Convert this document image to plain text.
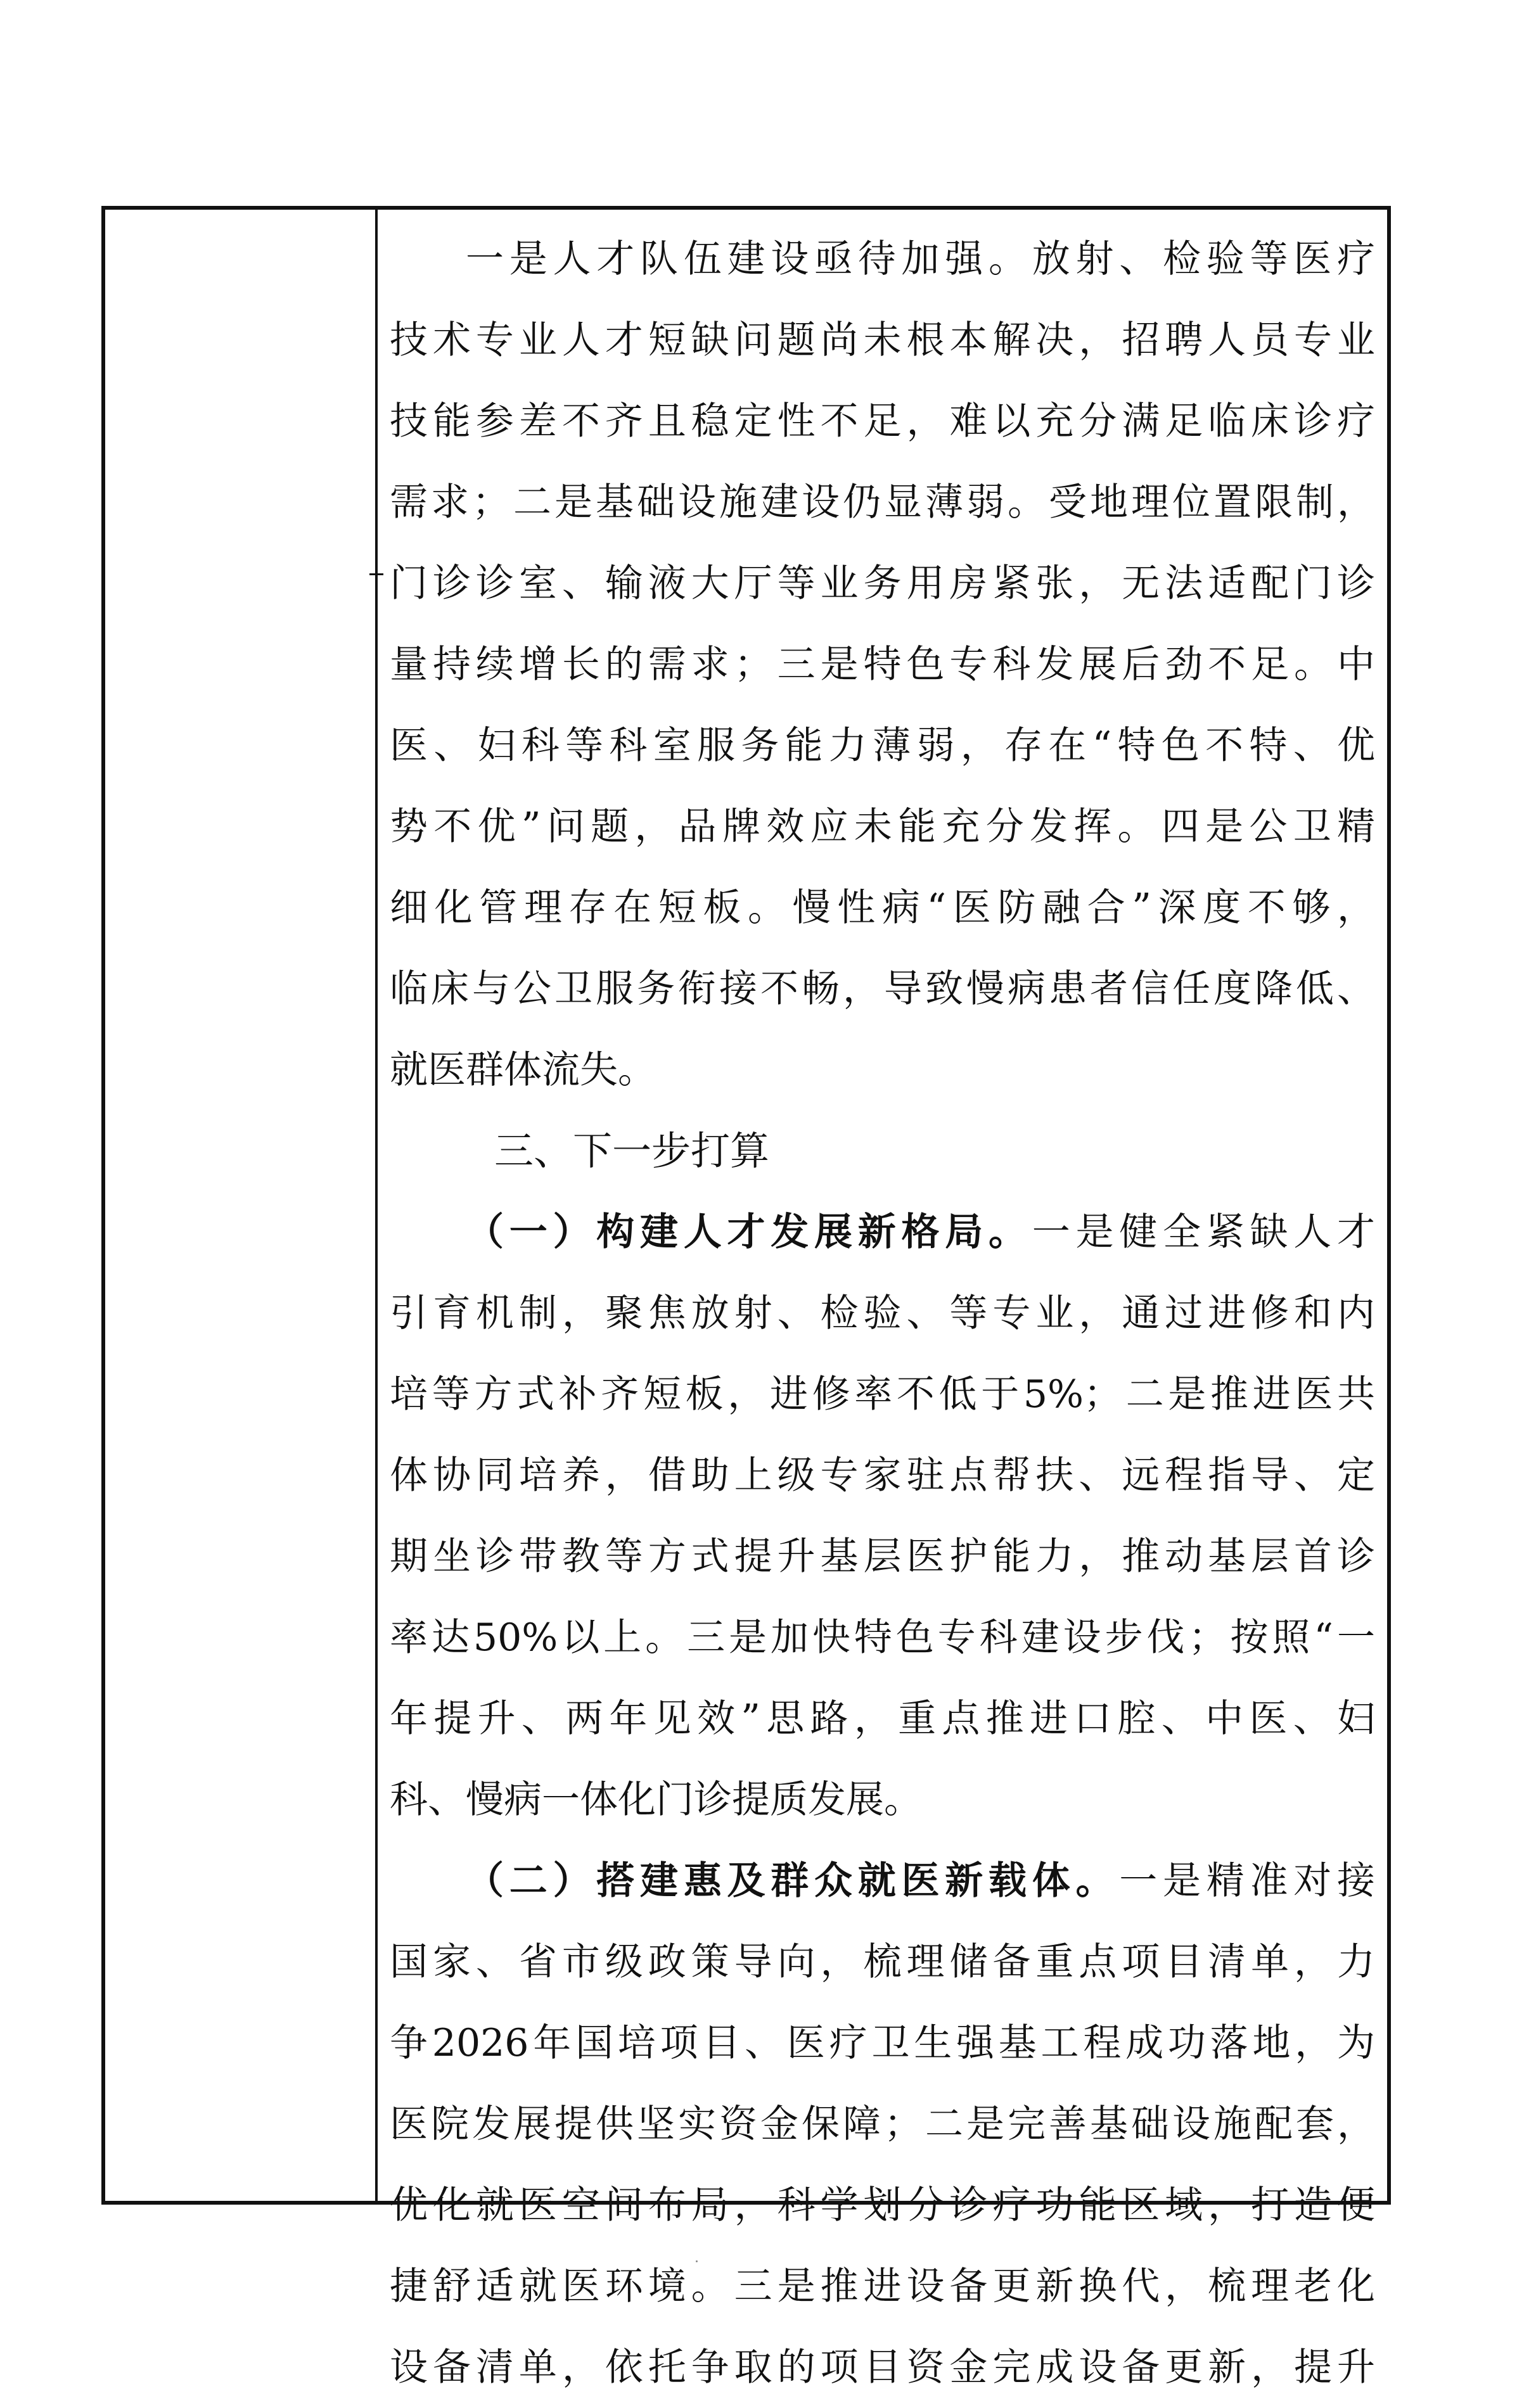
一是人才队伍建设亟待加强。放射、检验等医疗
技术专业人才短缺问题尚未根本解决，招聘人员专业
技能参差不齐且稳定性不足，难以充分满足临床诊疗
需求；二是基础设施建设仍显薄弱。受地理位置限制，
门诊诊室、输液大厅等业务用房紧张，无法适配门诊
量持续增长的需求；三是特色专科发展后劲不足。中
医、妇科等科室服务能力薄弱，存在“特色不特、优
势不优”问题，品牌效应未能充分发挥。四是公卫精
细化管理存在短板。慢性病“医防融合”深度不够，
临床与公卫服务衔接不畅，导致慢病患者信任度降低、
就医群体流失。
三、下一步打算
（一）构建人才发展新格局。一是健全紧缺人才
引育机制，聚焦放射、检验、等专业，通过进修和内
培等方式补齐短板，进修率不低于5%；二是推进医共
体协同培养，借助上级专家驻点帮扶、远程指导、定
期坐诊带教等方式提升基层医护能力，推动基层首诊
率达50%以上。三是加快特色专科建设步伐；按照“一
年提升、两年见效”思路，重点推进口腔、中医、妇
科、慢病一体化门诊提质发展。
（二）搭建惠及群众就医新载体。一是精准对接
国家、省市级政策导向，梳理储备重点项目清单，力
争2026年国培项目、医疗卫生强基工程成功落地，为
医院发展提供坚实资金保障；二是完善基础设施配套，
优化就医空间布局，科学划分诊疗功能区域，打造便
捷舒适就医环境。三是推进设备更新换代，梳理老化
设备清单，依托争取的项目资金完成设备更新，提升
